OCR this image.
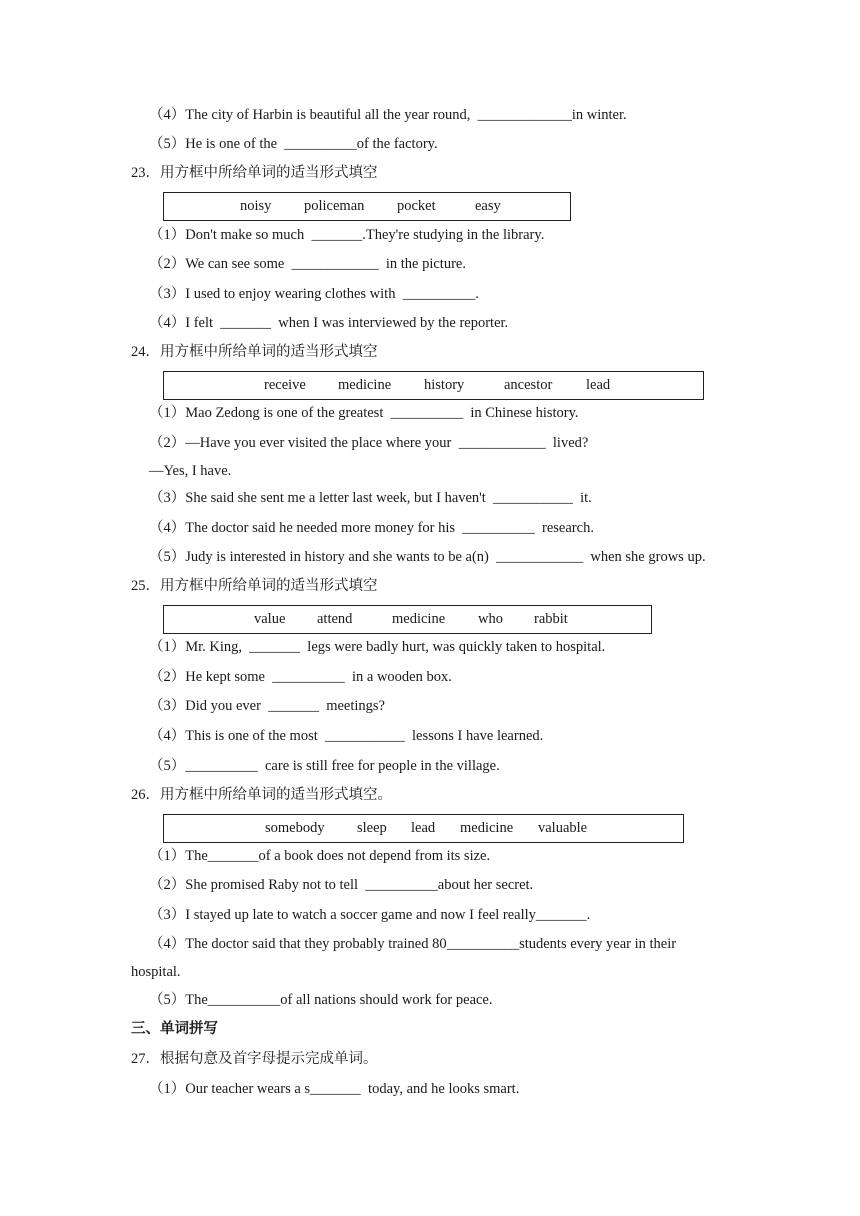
（4）The city of Harbin is beautiful all the year round,  _____________in winter.
（5）He is one of the  __________of the factory.
23．用方框中所给单词的适当形式填空
noisy policeman pocket	easy
（1）Don't make so much  _______.They're studying in the library.
（2）We can see some  ____________  in the picture.
（3）I used to enjoy wearing clothes with  __________.
（4）I felt  _______  when I was interviewed by the reporter.
24．用方框中所给单词的适当形式填空
receive medicine history	ancestor lead
（1）Mao Zedong is one of the greatest  __________  in Chinese history.
（2）—Have you ever visited the place where your  ____________  lived?
—Yes, I have.
（3）She said she sent me a letter last week, but I haven't  ___________  it.
（4）The doctor said he needed more money for his  __________  research.
（5）Judy is interested in history and she wants to be a(n)  ____________  when she grows up.
25．用方框中所给单词的适当形式填空
value attend	medicine who rabbit
（1）Mr. King,  _______  legs were badly hurt, was quickly taken to hospital.
（2）He kept some  __________  in a wooden box.
（3）Did you ever  _______  meetings?
（4）This is one of the most  ___________  lessons I have learned.
（5）__________  care is still free for people in the village.
26．用方框中所给单词的适当形式填空。
somebody sleep lead medicine valuable
（1）The_______of a book does not depend from its size.
（2）She promised Raby not to tell  __________about her secret.
（3）I stayed up late to watch a soccer game and now I feel really_______.
（4）The doctor said that they probably trained 80__________students every year in their
hospital.
（5）The__________of all nations should work for peace.
三、单词拼写
27．根据句意及首字母提示完成单词。
（1）Our teacher wears a s_______  today, and he looks smart.
